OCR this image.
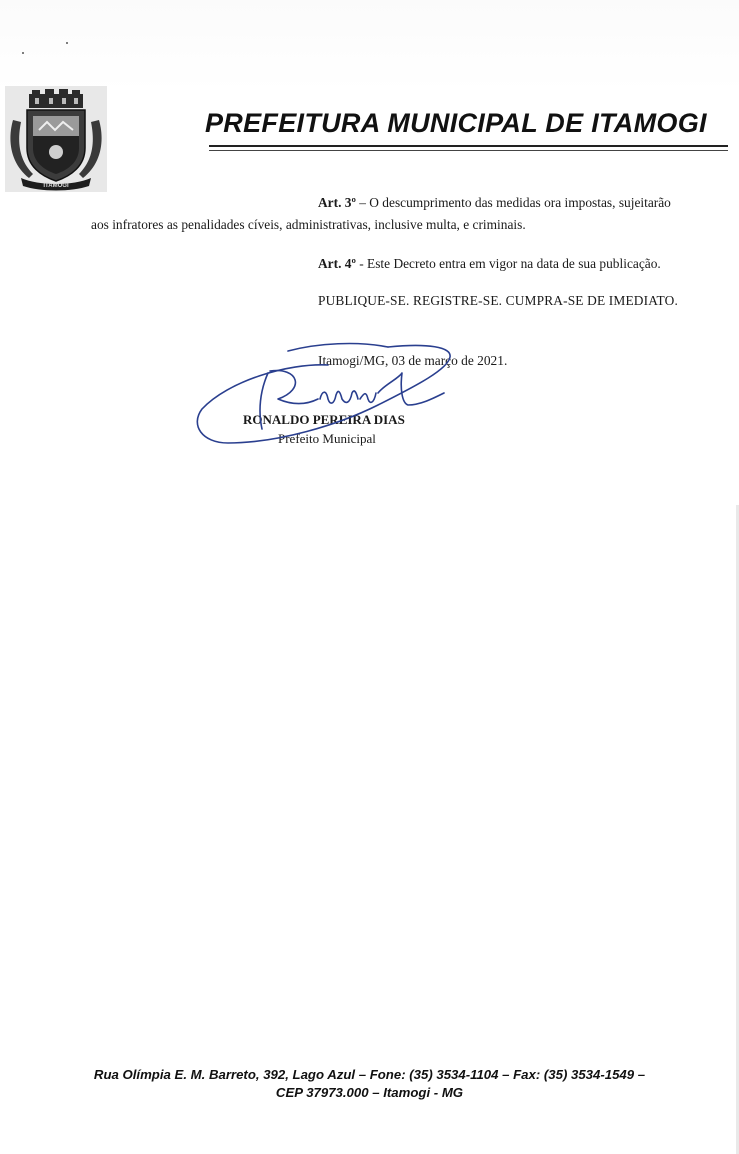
ITAMOGI
PREFEITURA MUNICIPAL DE ITAMOGI
Art. 3º – O descumprimento das medidas ora impostas, sujeitarão
aos infratores as penalidades cíveis, administrativas, inclusive multa, e criminais.
Art. 4º - Este Decreto entra em vigor na data de sua publicação.
PUBLIQUE-SE. REGISTRE-SE. CUMPRA-SE DE IMEDIATO.
Itamogi/MG, 03 de março de 2021.
RONALDO PEREIRA DIAS
Prefeito Municipal
Rua Olímpia E. M. Barreto, 392, Lago Azul – Fone: (35) 3534-1104 – Fax: (35) 3534-1549 –
CEP 37973.000 – Itamogi - MG
